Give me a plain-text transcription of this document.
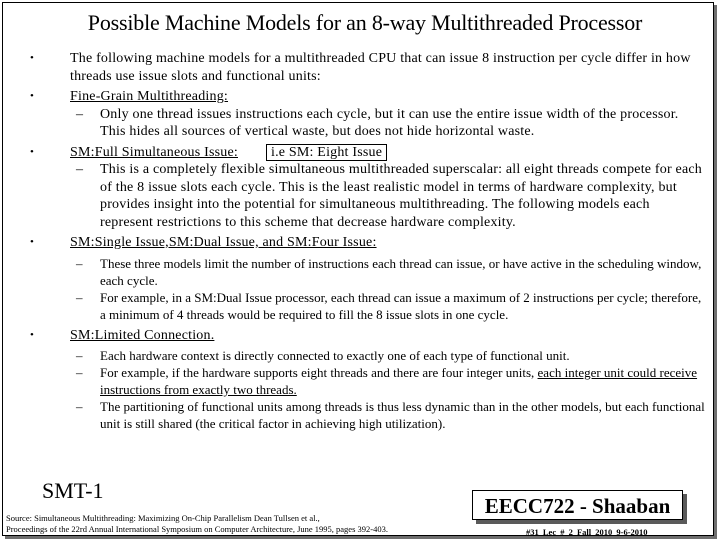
Possible Machine Models for an 8-way Multithreaded Processor
•	The following machine models for a multithreaded CPU that can issue 8 instruction per cycle differ in how threads use issue slots and functional units:
•	Fine-Grain Multithreading:
– Only one thread issues instructions each cycle, but it can use the entire issue width of the processor. This hides all sources of vertical waste, but does not hide horizontal waste.
•	SM:Full Simultaneous Issue: i.e SM: Eight Issue
– This is a completely flexible simultaneous multithreaded superscalar: all eight threads compete for each of the 8 issue slots each cycle. This is the least realistic model in terms of hardware complexity, but provides insight into the potential for simultaneous multithreading. The following models each represent restrictions to this scheme that decrease hardware complexity.
•	SM:Single Issue,SM:Dual Issue, and SM:Four Issue:
– These three models limit the number of instructions each thread can issue, or have active in the scheduling window, each cycle.
– For example, in a SM:Dual Issue processor, each thread can issue a maximum of 2 instructions per cycle; therefore, a minimum of 4 threads would be required to fill the 8 issue slots in one cycle.
•	SM:Limited Connection.
– Each hardware context is directly connected to exactly one of each type of functional unit.
– For example, if the hardware supports eight threads and there are four integer units, each integer unit could receive instructions from exactly two threads.
– The partitioning of functional units among threads is thus less dynamic than in the other models, but each functional unit is still shared (the critical factor in achieving high utilization).
SMT-1
Source: Simultaneous Multithreading: Maximizing On-Chip Parallelism Dean Tullsen et al.,
Proceedings of the 22rd Annual International Symposium on Computer Architecture, June 1995, pages 392-403.
EECC722 - Shaaban
#31 Lec # 2 Fall 2010 9-6-2010
